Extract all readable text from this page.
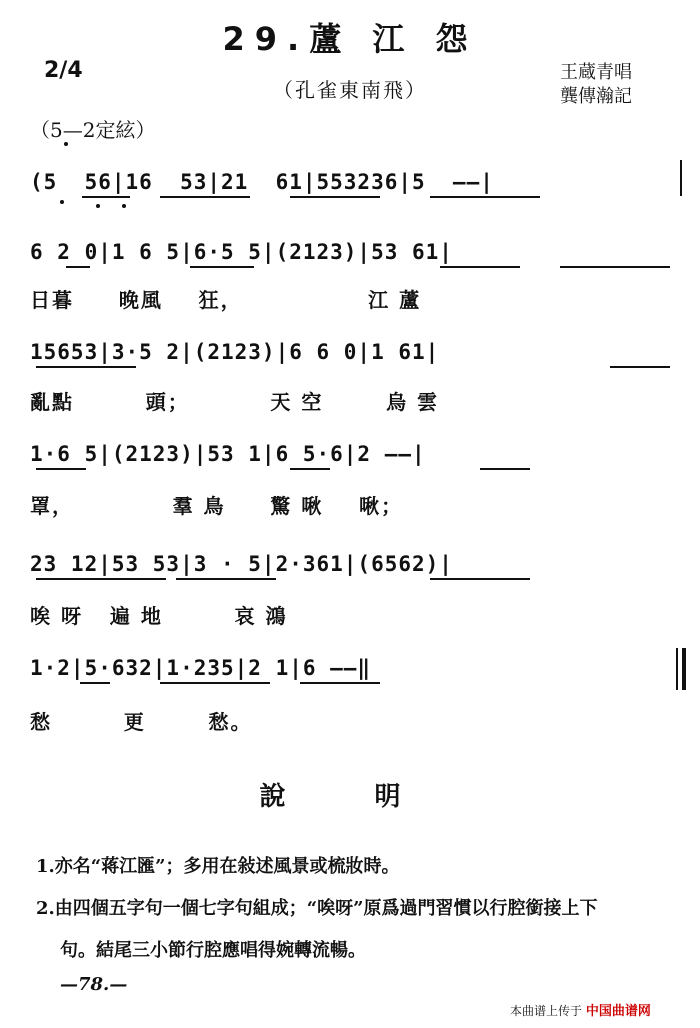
29.蘆 江 怨
2/4
（孔雀東南飛）
王蔵青唱
龔傳瀚記
（5—2定絃）
(5  56|16  53|21  61|553236|5  ——|
6 2 0|1 6 5|6·5 5|(2123)|53 61|
日暮     晚風    狂，              江 蘆
15653|3·5 2|(2123)|6 6 0|1 61|
亂點        頭；         天 空       烏 雲
1·6 5|(2123)|53 1|6 5·6|2 ——|
罩，           羣 鳥     驚 啾    啾；
23 12|53 53|3 · 5|2·361|(6562)|
唉 呀   遍 地        哀 鴻
1·2|5·632|1·235|2 1|6 ——‖
愁        更       愁。
說 明
1.亦名“蒋江匯”；多用在敍述風景或梳妝時。
2.由四個五字句一個七字句組成；“唉呀”原爲過門習慣以行腔銜接上下
句。結尾三小節行腔應唱得婉轉流暢。
—78.—
本曲谱上传于 中国曲谱网
